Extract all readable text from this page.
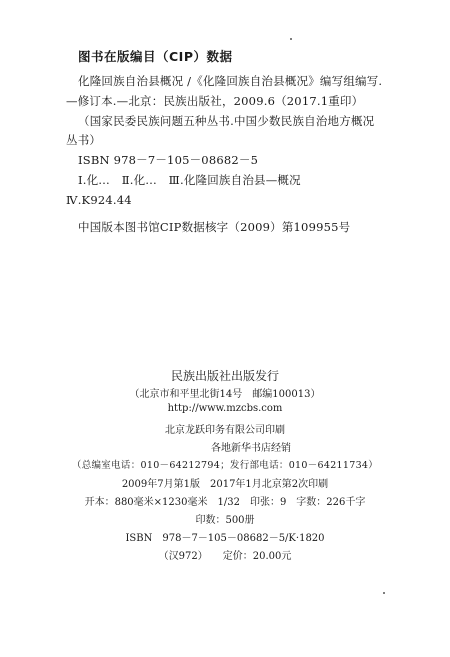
图书在版编目（CIP）数据
化隆回族自治县概况 /《化隆回族自治县概况》编写组编写.
—修订本.—北京：民族出版社，2009.6（2017.1重印）
（国家民委民族问题五种丛书.中国少数民族自治地方概况
丛书）
ISBN 978－7－105－08682－5
Ⅰ.化…　Ⅱ.化…　Ⅲ.化隆回族自治县—概况
Ⅳ.K924.44
中国版本图书馆CIP数据核字（2009）第109955号
民族出版社出版发行
（北京市和平里北街14号　邮编100013）
http://www.mzcbs.com
北京龙跃印务有限公司印刷
各地新华书店经销
（总编室电话：010－64212794；发行部电话：010－64211734）
2009年7月第1版　2017年1月北京第2次印刷
开本：880毫米×1230毫米　1/32　印张：9　字数：226千字
印数：500册
ISBN　978－7－105－08682－5/K·1820
（汉972）　　定价：20.00元
